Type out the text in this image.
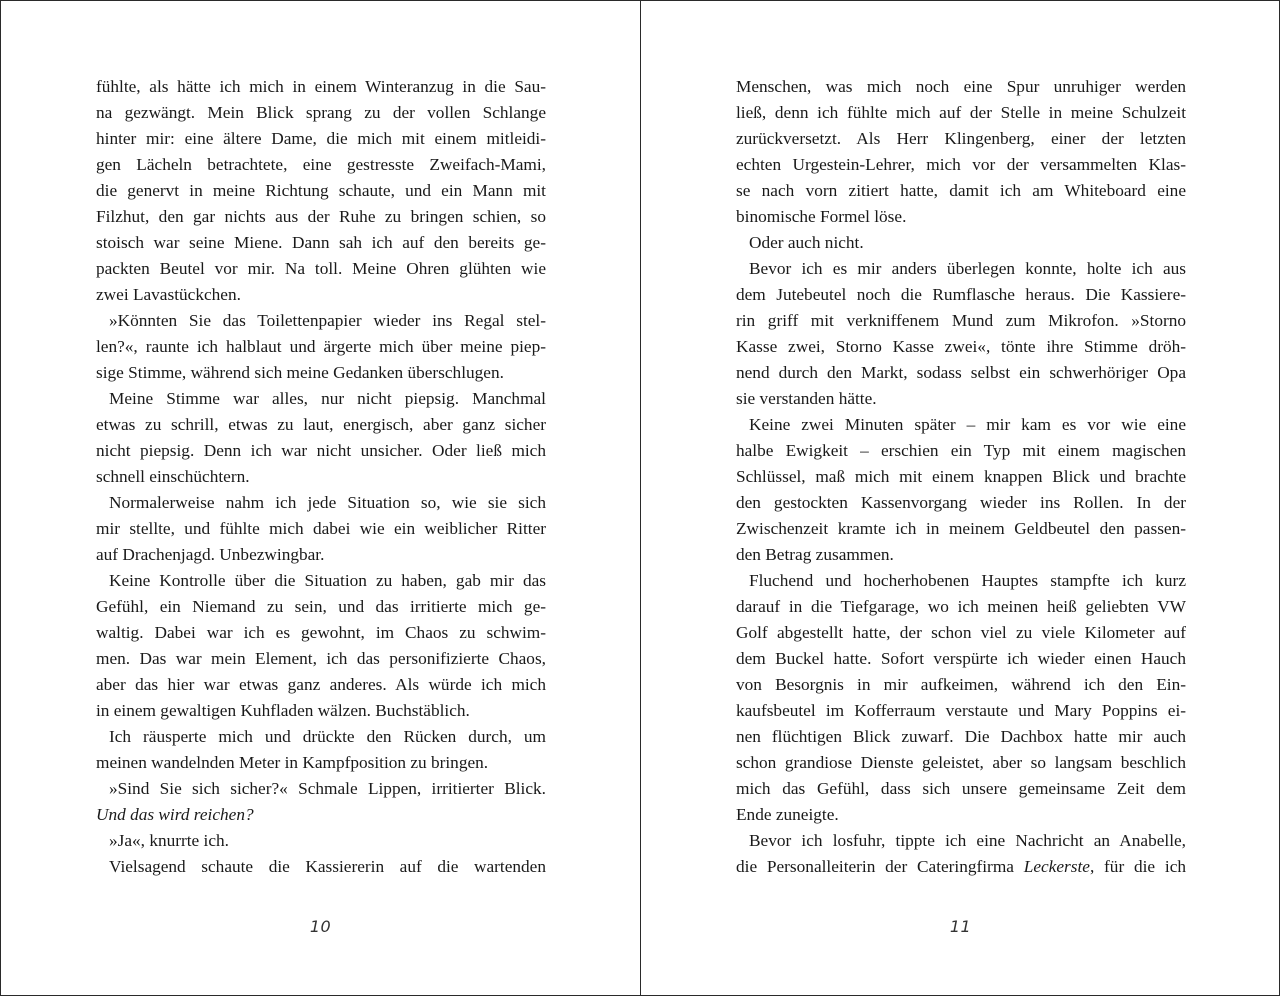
fühlte, als hätte ich mich in einem Winteranzug in die Sau-
na gezwängt. Mein Blick sprang zu der vollen Schlange
hinter mir: eine ältere Dame, die mich mit einem mitleidi-
gen Lächeln betrachtete, eine gestresste Zweifach-Mami,
die genervt in meine Richtung schaute, und ein Mann mit
Filzhut, den gar nichts aus der Ruhe zu bringen schien, so
stoisch war seine Miene. Dann sah ich auf den bereits ge-
packten Beutel vor mir. Na toll. Meine Ohren glühten wie
zwei Lavastückchen.
»Könnten Sie das Toilettenpapier wieder ins Regal stel-
len?«, raunte ich halblaut und ärgerte mich über meine piep-
sige Stimme, während sich meine Gedanken überschlugen.
Meine Stimme war alles, nur nicht piepsig. Manchmal
etwas zu schrill, etwas zu laut, energisch, aber ganz sicher
nicht piepsig. Denn ich war nicht unsicher. Oder ließ mich
schnell einschüchtern.
Normalerweise nahm ich jede Situation so, wie sie sich
mir stellte, und fühlte mich dabei wie ein weiblicher Ritter
auf Drachenjagd. Unbezwingbar.
Keine Kontrolle über die Situation zu haben, gab mir das
Gefühl, ein Niemand zu sein, und das irritierte mich ge-
waltig. Dabei war ich es gewohnt, im Chaos zu schwim-
men. Das war mein Element, ich das personifizierte Chaos,
aber das hier war etwas ganz anderes. Als würde ich mich
in einem gewaltigen Kuhfladen wälzen. Buchstäblich.
Ich räusperte mich und drückte den Rücken durch, um
meinen wandelnden Meter in Kampfposition zu bringen.
»Sind Sie sich sicher?« Schmale Lippen, irritierter Blick.
Und das wird reichen?
»Ja«, knurrte ich.
Vielsagend schaute die Kassiererin auf die wartenden
10
Menschen, was mich noch eine Spur unruhiger werden
ließ, denn ich fühlte mich auf der Stelle in meine Schulzeit
zurückversetzt. Als Herr Klingenberg, einer der letzten
echten Urgestein-Lehrer, mich vor der versammelten Klas-
se nach vorn zitiert hatte, damit ich am Whiteboard eine
binomische Formel löse.
Oder auch nicht.
Bevor ich es mir anders überlegen konnte, holte ich aus
dem Jutebeutel noch die Rumflasche heraus. Die Kassiere-
rin griff mit verkniffenem Mund zum Mikrofon. »Storno
Kasse zwei, Storno Kasse zwei«, tönte ihre Stimme dröh-
nend durch den Markt, sodass selbst ein schwerhöriger Opa
sie verstanden hätte.
Keine zwei Minuten später – mir kam es vor wie eine
halbe Ewigkeit – erschien ein Typ mit einem magischen
Schlüssel, maß mich mit einem knappen Blick und brachte
den gestockten Kassenvorgang wieder ins Rollen. In der
Zwischenzeit kramte ich in meinem Geldbeutel den passen-
den Betrag zusammen.
Fluchend und hocherhobenen Hauptes stampfte ich kurz
darauf in die Tiefgarage, wo ich meinen heiß geliebten VW
Golf abgestellt hatte, der schon viel zu viele Kilometer auf
dem Buckel hatte. Sofort verspürte ich wieder einen Hauch
von Besorgnis in mir aufkeimen, während ich den Ein-
kaufsbeutel im Kofferraum verstaute und Mary Poppins ei-
nen flüchtigen Blick zuwarf. Die Dachbox hatte mir auch
schon grandiose Dienste geleistet, aber so langsam beschlich
mich das Gefühl, dass sich unsere gemeinsame Zeit dem
Ende zuneigte.
Bevor ich losfuhr, tippte ich eine Nachricht an Anabelle,
die Personalleiterin der Cateringfirma Leckerste, für die ich
11
